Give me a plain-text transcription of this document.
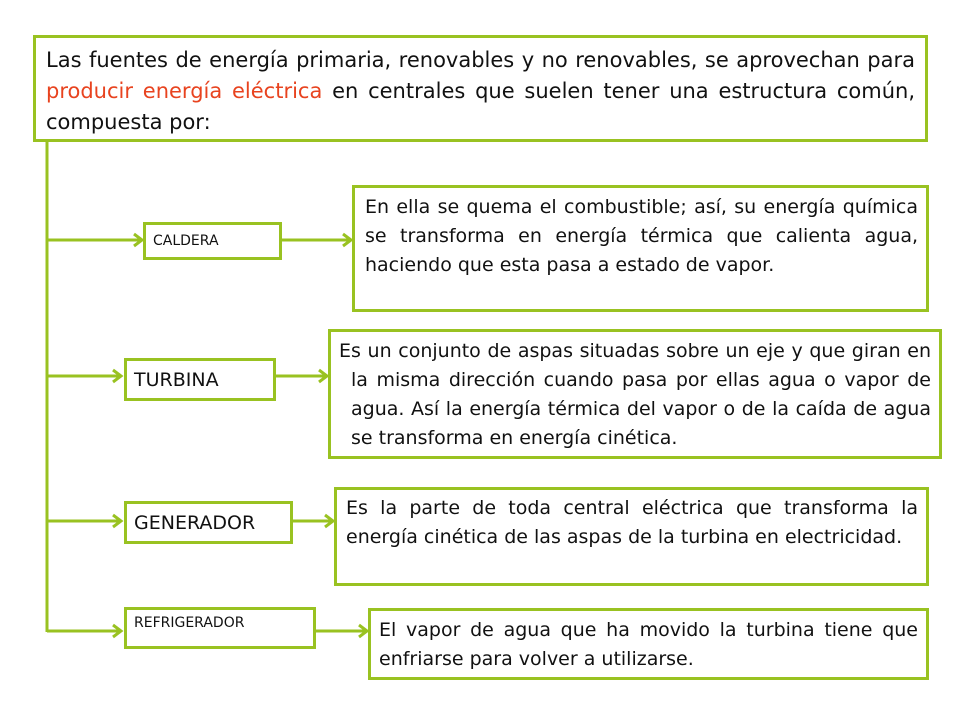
Las fuentes de energía primaria, renovables y no renovables, se aprovechan para producir energía eléctrica en centrales que suelen tener una estructura común, compuesta por:
CALDERA
En ella se quema el combustible; así, su energía química se transforma en energía térmica que calienta agua, haciendo que esta pasa a estado de vapor.
TURBINA
Es un conjunto de aspas situadas sobre un eje y que giran en la misma dirección cuando pasa por ellas agua o vapor de agua. Así la energía térmica del vapor o de la caída de agua se transforma en energía cinética.
GENERADOR
Es la parte de toda central eléctrica que transforma la energía cinética de las aspas de la turbina en electricidad.
REFRIGERADOR	El vapor de agua que ha movido la turbina tiene que enfriarse para volver a utilizarse.
